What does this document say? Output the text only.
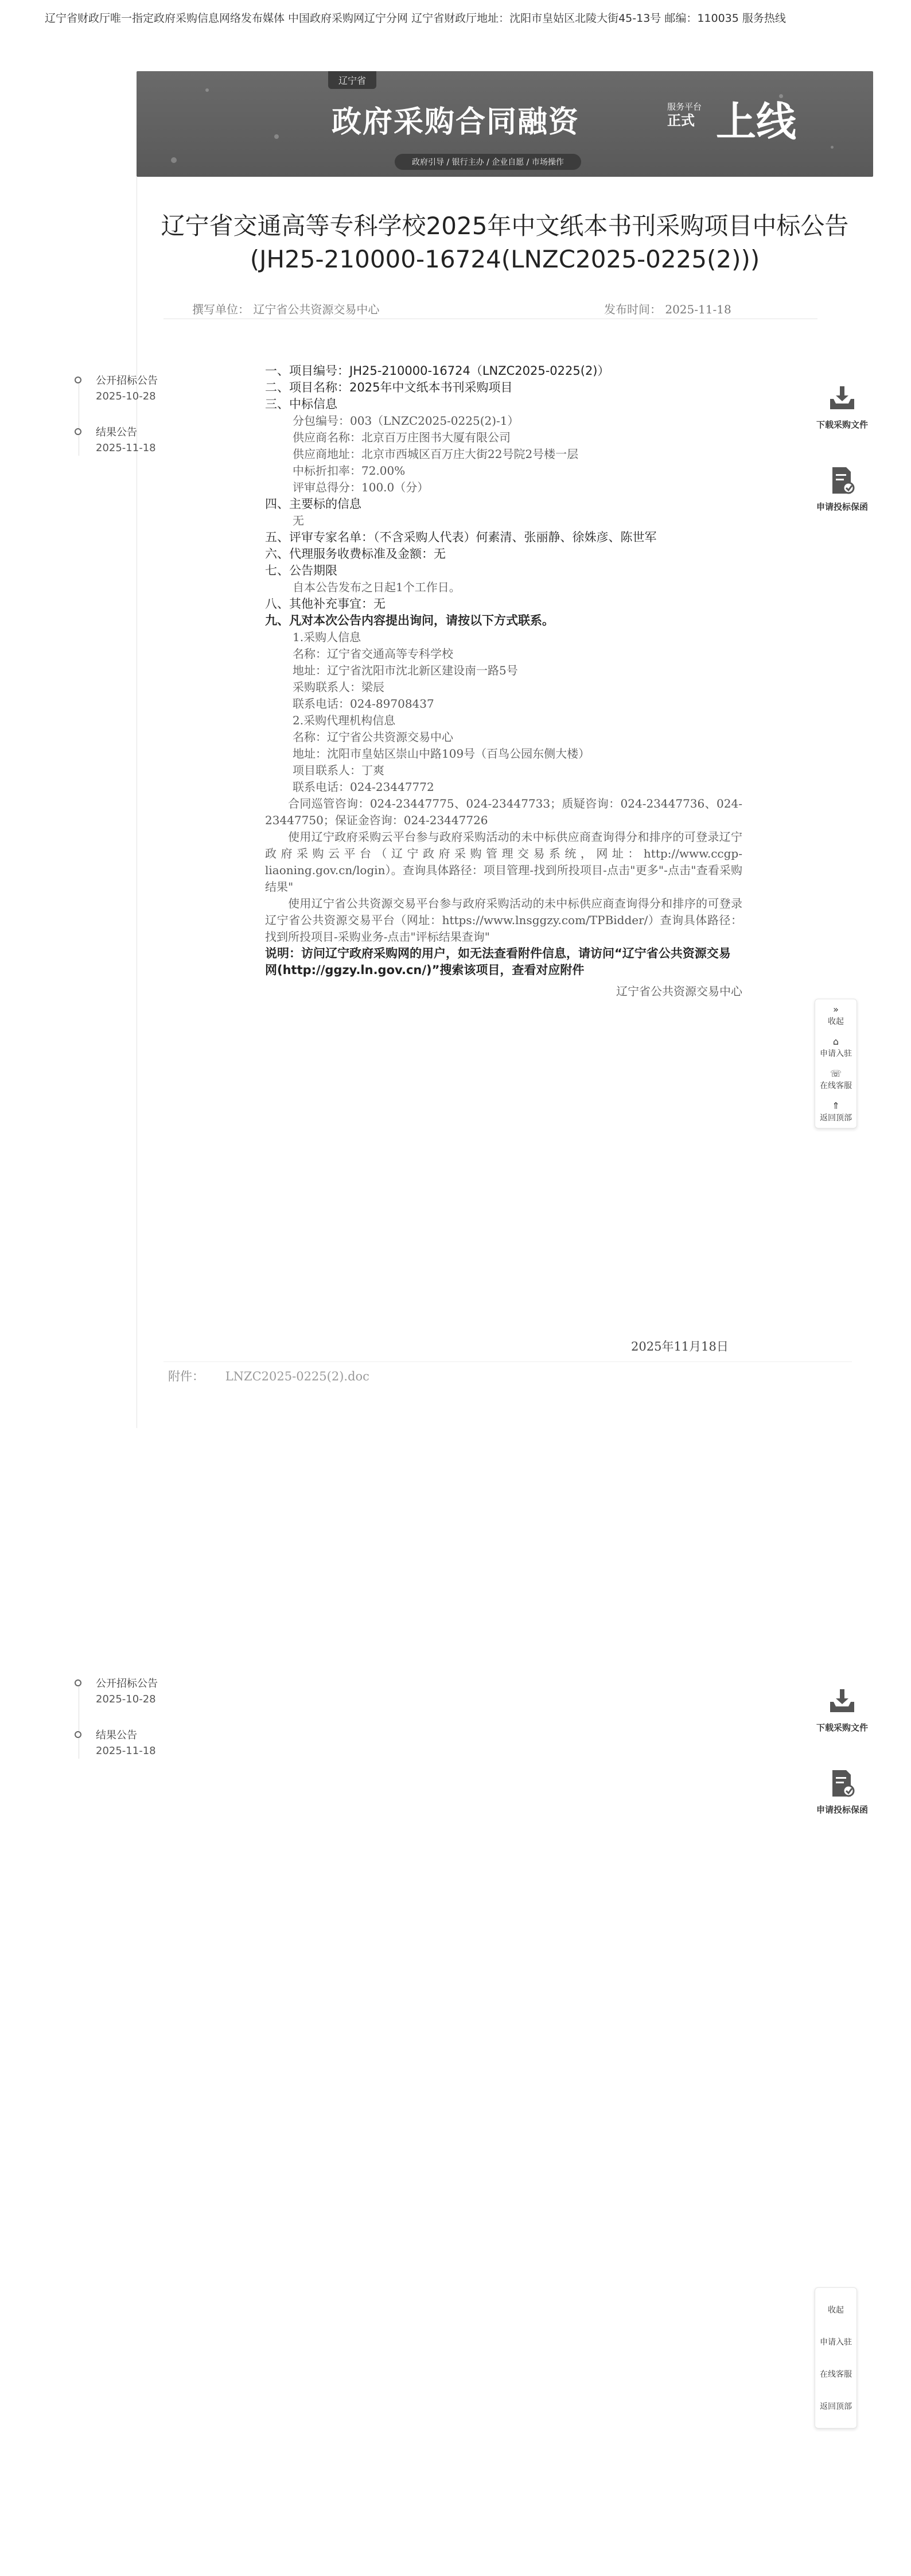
辽宁省财政厅唯一指定政府采购信息网络发布媒体 中国政府采购网辽宁分网 辽宁省财政厅地址：沈阳市皇姑区北陵大街45-13号 邮编：110035 服务热线
辽宁省
政府采购合同融资	服务平台
正式 上线
政府引导 / 银行主办 / 企业自愿 / 市场操作
辽宁省交通高等专科学校2025年中文纸本书刊采购项目中标公告
(JH25-210000-16724(LNZC2025-0225(2)))
撰写单位： 辽宁省公共资源交易中心	发布时间： 2025-11-18
公开招标公告
2025-10-28
结果公告
2025-11-18
公开招标公告
2025-10-28
结果公告
2025-11-18

一、项目编号：JH25-210000-16724（LNZC2025-0225(2)）

二、项目名称：2025年中文纸本书刊采购项目

三、中标信息

分包编号：003（LNZC2025-0225(2)-1）

供应商名称：北京百万庄图书大厦有限公司

供应商地址：北京市西城区百万庄大街22号院2号楼一层

中标折扣率：72.00%

评审总得分：100.0（分）

四、主要标的信息

无

五、评审专家名单：（不含采购人代表）何素清、张丽静、徐姝彦、陈世军

六、代理服务收费标准及金额：无

七、公告期限

自本公告发布之日起1个工作日。

八、其他补充事宜：无

九、凡对本次公告内容提出询问，请按以下方式联系。

1.采购人信息

名称：辽宁省交通高等专科学校

地址：辽宁省沈阳市沈北新区建设南一路5号

采购联系人：梁辰

联系电话：024-89708437

2.采购代理机构信息

名称：辽宁省公共资源交易中心

地址：沈阳市皇姑区崇山中路109号（百鸟公园东侧大楼）

项目联系人：丁爽

联系电话：024-23447772

合同巡管咨询：024-23447775、024-23447733；质疑咨询：024-23447736、024-23447750；保证金咨询：024-23447726

使用辽宁政府采购云平台参与政府采购活动的未中标供应商查询得分和排序的可登录辽宁政府采购云平台（辽宁政府采购管理交易系统，网址：http://www.ccgp-liaoning.gov.cn/login）。查询具体路径：项目管理-找到所投项目-点击"更多"-点击"查看采购结果"

使用辽宁省公共资源交易平台参与政府采购活动的未中标供应商查询得分和排序的可登录辽宁省公共资源交易平台（网址：https://www.lnsggzy.com/TPBidder/）查询具体路径：找到所投项目-采购业务-点击"评标结果查询"

说明：访问辽宁政府采购网的用户，如无法查看附件信息，请访问“辽宁省公共资源交易网(http://ggzy.ln.gov.cn/)”搜索该项目，查看对应附件

辽宁省公共资源交易中心

2025年11月18日
附件： LNZC2025-0225(2).doc
下载采购文件
申请投标保函
下载采购文件
申请投标保函
»
收起
⌂
申请入驻
☏
在线客服
⇑
返回顶部
收起
申请入驻
在线客服
返回顶部
